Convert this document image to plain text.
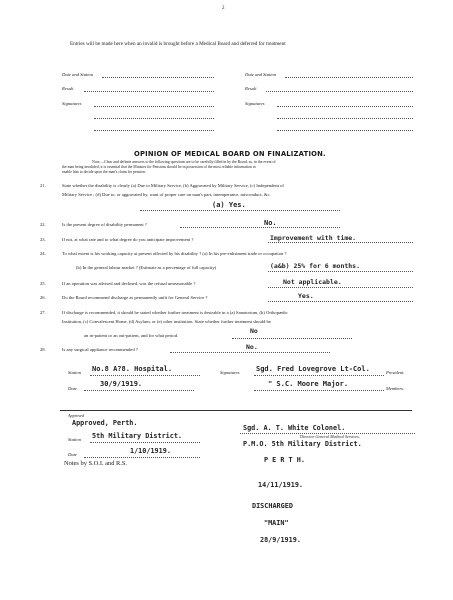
2
Entries will be made here when an invalid is brought before a Medical Board and deferred for treatment
Date and Station	Date and Station
Result	Result
Signatures	Signatures
OPINION OF MEDICAL BOARD ON FINALIZATION.
Note.—Clear and definite answers to the following questions are to be carefully filled in by the Board, as, in the event of
the man being invalided, it is essential that the Minister for Pensions should be in possession of the most reliable information to
enable him to decide upon the man's claim for pension.
21.	State whether the disability is clearly (a) Due to Military Service, (b) Aggravated by Military Service, (c) Independent of
Military Service ; (d) Due to, or aggravated by, want of proper care on man's part, intemperance, misconduct, &c.
(a) Yes.
22.	Is the present degree of disability permanent ?	No.
23.	If not, at what rate and to what degree do you anticipate improvement ?	Improvement with time.
24.	To what extent is his working capacity at present affected by his disability ? (a) In his pre-enlistment trade or occupation ?
(b) In the general labour market ? (Estimate as a percentage of full capacity)	(a&b) 25% for 6 months.
25.	If an operation was advised and declined, was the refusal unreasonable ?	Not applicable.
26.	Do the Board recommend discharge as permanently unfit for General Service ?	Yes.
27.	If discharge is recommended, it should be stated whether further treatment is desirable in a (a) Sanatorium, (b) Orthopædic
Institution, (c) Convalescent Home, (d) Asylum, or (e) other institution. State whether further treatment should be
an in-patient or an out-patient, and for what period.
No
28.	Is any surgical appliance recommended ?	No.
Station No.8 A?8. Hospital.	Signatures Sgd. Fred Lovegrove Lt-Col.	President.
Date
30/9/1919.	" S.C. Moore Major.
Members.
Approved
Approved, Perth.
Station 5th Military District.
Date	1/10/1919.
Sgd. A. T. White Colonel.
Director General Medical Services.
P.M.O. 5th Military District.
Notes by S.O.I. and R.S.	P E R T H.
14/11/1919.
DISCHARGED
"MAIN"
28/9/1919.
